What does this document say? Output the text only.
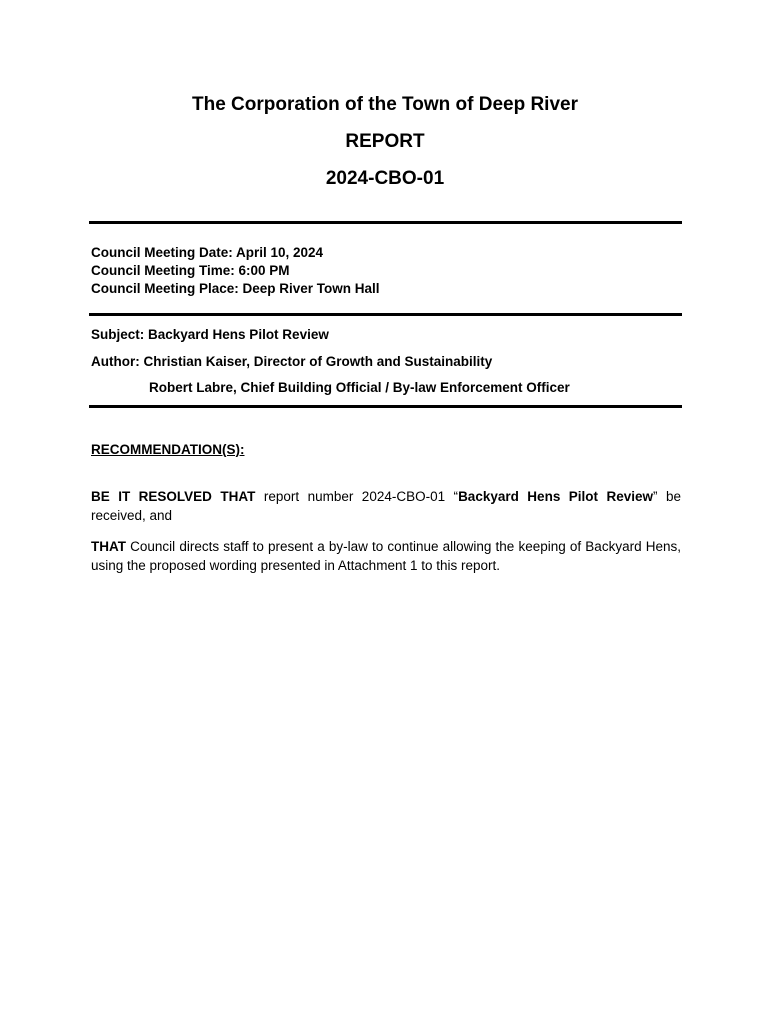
The Corporation of the Town of Deep River
REPORT
2024-CBO-01
Council Meeting Date: April 10, 2024
Council Meeting Time: 6:00 PM
Council Meeting Place: Deep River Town Hall
Subject: Backyard Hens Pilot Review
Author: Christian Kaiser, Director of Growth and Sustainability
Robert Labre, Chief Building Official / By-law Enforcement Officer
RECOMMENDATION(S):
BE IT RESOLVED THAT report number 2024-CBO-01 “Backyard Hens Pilot Review” be received, and
THAT Council directs staff to present a by-law to continue allowing the keeping of Backyard Hens, using the proposed wording presented in Attachment 1 to this report.
